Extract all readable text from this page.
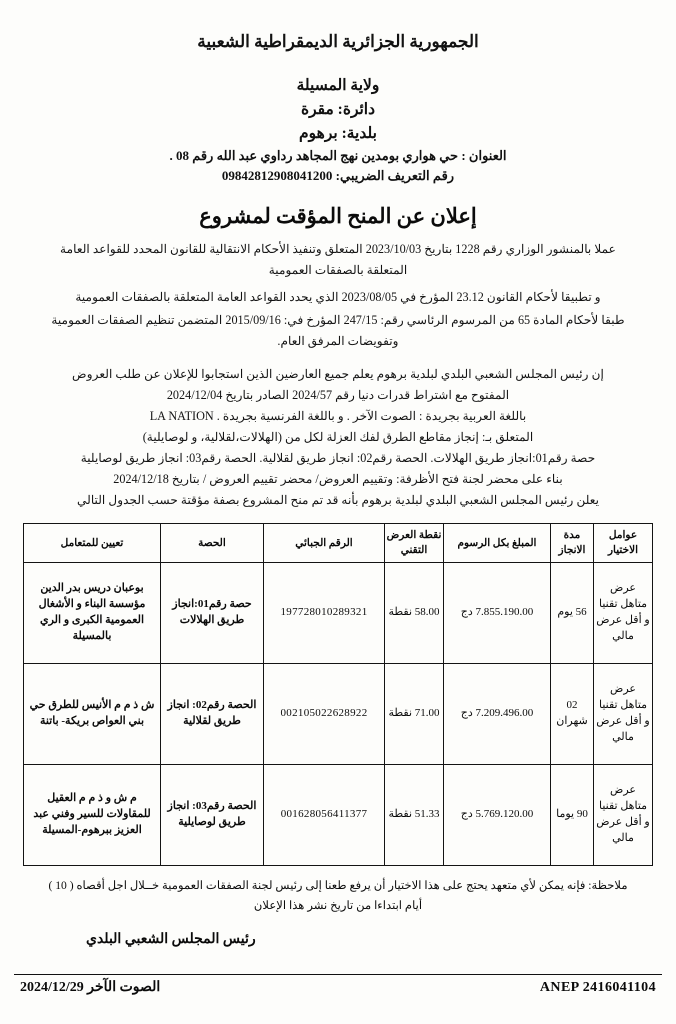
الجمهورية الجزائرية الديمقراطية الشعبية
ولاية المسيلة
دائرة: مقرة
بلدية: برهوم
العنوان : حي هواري بومدين نهج المجاهد رداوي عبد الله رقم 08 .
رقم التعريف الضريبي: 09842812908041200
إعلان عن المنح المؤقت لمشروع
عملا بالمنشور الوزاري رقم 1228 بتاريخ 2023/10/03 المتعلق وتنفيذ الأحكام الانتقالية للقانون المحدد للقواعد العامة المتعلقة بالصفقات العمومية
و تطبيقا لأحكام القانون 23.12 المؤرخ في 2023/08/05 الذي يحدد القواعد العامة المتعلقة بالصفقات العمومية
طبقا لأحكام المادة 65 من المرسوم الرئاسي رقم: 247/15 المؤرخ في: 2015/09/16 المتضمن تنظيم الصفقات العمومية وتفويضات المرفق العام.
إن رئيس المجلس الشعبي البلدي لبلدية برهوم يعلم جميع العارضين الذين استجابوا للإعلان عن طلب العروض
المفتوح مع اشتراط قدرات دنيا رقم 2024/57 الصادر بتاريخ 2024/12/04
باللغة العربية بجريدة : الصوت الآخر . و باللغة الفرنسية بجريدة . LA NATION
المتعلق بـ: إنجاز مقاطع الطرق لفك العزلة لكل من (الهلالات،لقلالية، و لوصايلية)
حصة رقم01:انجاز طريق الهلالات. الحصة رقم02: انجاز طريق لقلالية. الحصة رقم03: انجاز طريق لوصايلية
بناء على محضر لجنة فتح الأظرفة: وتقييم العروض/ محضر تقييم العروض / بتاريخ 2024/12/18
يعلن رئيس المجلس الشعبي البلدي لبلدية برهوم بأنه قد تم منح المشروع بصفة مؤقتة حسب الجدول التالي
عوامل الاختيار	مدة الانجاز	المبلغ بكل الرسوم	نقطة العرض التقني	الرقم الجبائي	الحصة	تعيين للمتعامل
عرض متاهل تقنيا و أقل عرض مالي	56 يوم	7.855.190.00 دج	58.00 نقطة	197728010289321	حصة رقم01:انجاز طريق الهلالات	بوعبان دريس بدر الدين مؤسسة البناء و الأشغال العمومية الكبرى و الري بالمسيلة
عرض متاهل تقنيا و أقل عرض مالي	02 شهران	7.209.496.00 دج	71.00 نقطة	002105022628922	الحصة رقم02: انجاز طريق لقلالية	ش ذ م م الأنيس للطرق حي بني العواص بريكة- باتنة
عرض متاهل تقنيا و أقل عرض مالي	90 يوما	5.769.120.00 دج	51.33 نقطة	001628056411377	الحصة رقم03: انجاز طريق لوصايلية	م ش و ذ م م العقيل للمقاولات للسير وفني عبد العزيز ببرهوم-المسيلة
ملاحظة: فإنه يمكن لأي متعهد يحتج على هذا الاختيار أن يرفع طعنا إلى رئيس لجنة الصفقات العمومية خــلال اجل أقصاه ( 10 ) أيام ابتداءا من تاريخ نشر هذا الإعلان
رئيس المجلس الشعبي البلدي
ANEP 2416041104
الصوت الآخر 2024/12/29
